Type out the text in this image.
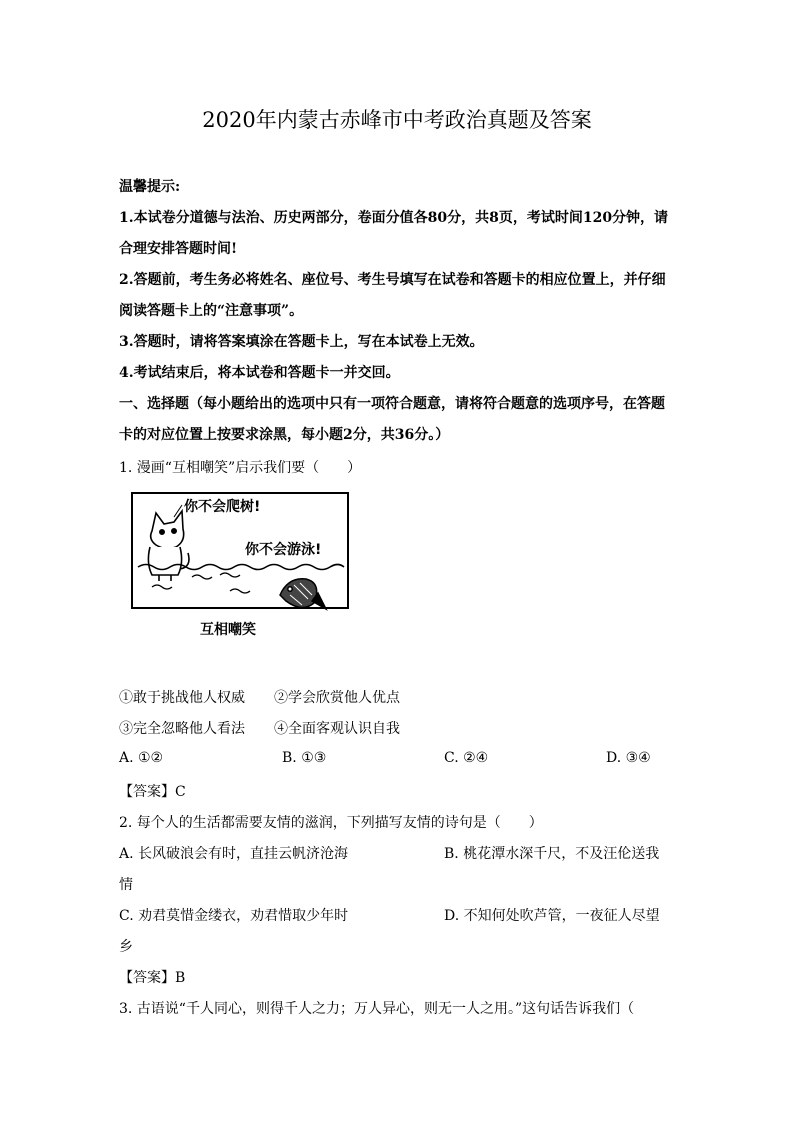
2020年内蒙古赤峰市中考政治真题及答案
温馨提示:
1.本试卷分道德与法治、历史两部分，卷面分值各80分，共8页，考试时间120分钟，请
合理安排答题时间!
2.答题前，考生务必将姓名、座位号、考生号填写在试卷和答题卡的相应位置上，并仔细
阅读答题卡上的“注意事项”。
3.答题时，请将答案填涂在答题卡上，写在本试卷上无效。
4.考试结束后，将本试卷和答题卡一并交回。
一、选择题（每小题给出的选项中只有一项符合题意，请将符合题意的选项序号，在答题
卡的对应位置上按要求涂黑，每小题2分，共36分。）
1. 漫画“互相嘲笑”启示我们要（　　）
你不会爬树!
你不会游泳!
互相嘲笑
①敢于挑战他人权威 ②学会欣赏他人优点
③完全忽略他人看法 ④全面客观认识自我
A. ①②	B. ①③	C. ②④	D. ③④
【答案】C
2. 每个人的生活都需要友情的滋润，下列描写友情的诗句是（　　）
A. 长风破浪会有时，直挂云帆济沧海	B. 桃花潭水深千尺，不及汪伦送我
情
C. 劝君莫惜金缕衣，劝君惜取少年时	D. 不知何处吹芦管，一夜征人尽望
乡
【答案】B
3. 古语说“千人同心，则得千人之力；万人异心，则无一人之用。”这句话告诉我们（
